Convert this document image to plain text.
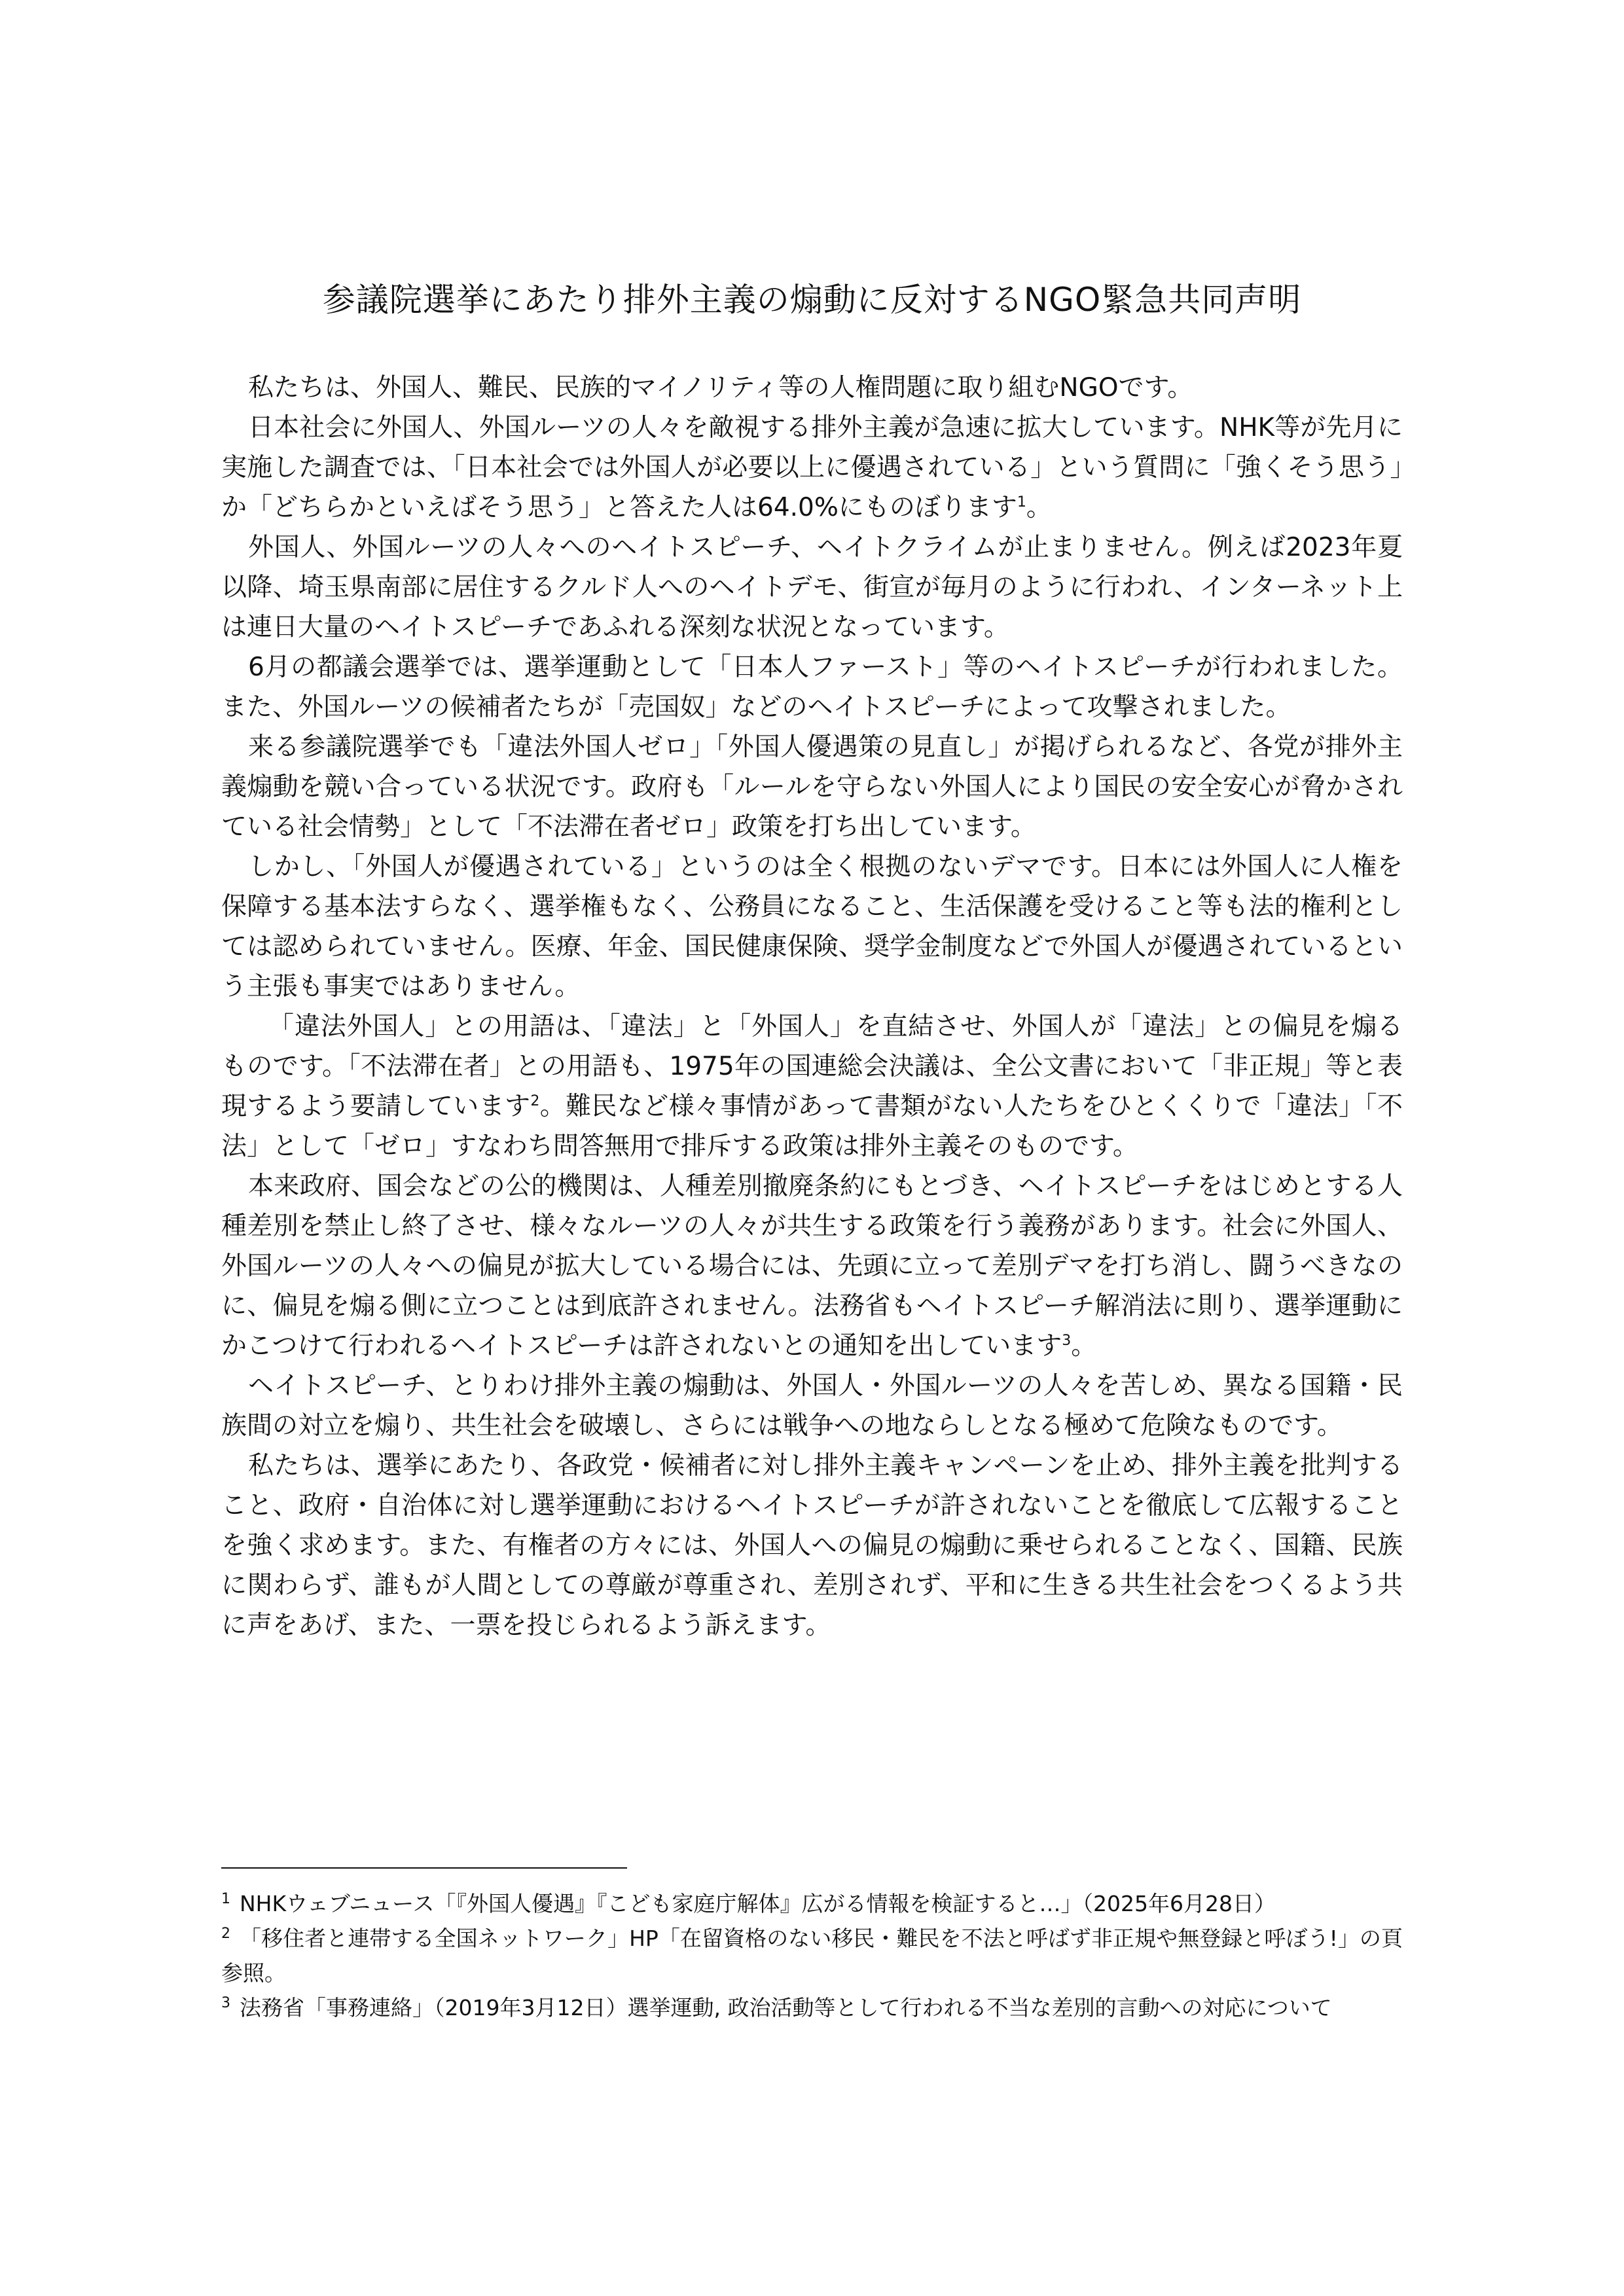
参議院選挙にあたり排外主義の煽動に反対するNGO緊急共同声明

私たちは、外国人、難民、民族的マイノリティ等の人権問題に取り組むNGOです。

日本社会に外国人、外国ルーツの人々を敵視する排外主義が急速に拡大しています。NHK等が先月に実施した調査では、「日本社会では外国人が必要以上に優遇されている」という質問に「強くそう思う」か「どちらかといえばそう思う」と答えた人は64.0%にものぼります$^1$。

外国人、外国ルーツの人々へのヘイトスピーチ、ヘイトクライムが止まりません。例えば2023年夏以降、埼玉県南部に居住するクルド人へのヘイトデモ、街宣が毎月のように行われ、インターネット上は連日大量のヘイトスピーチであふれる深刻な状況となっています。

6月の都議会選挙では、選挙運動として「日本人ファースト」等のヘイトスピーチが行われました。また、外国ルーツの候補者たちが「売国奴」などのヘイトスピーチによって攻撃されました。

来る参議院選挙でも「違法外国人ゼロ」「外国人優遇策の見直し」が掲げられるなど、各党が排外主義煽動を競い合っている状況です。政府も「ルールを守らない外国人により国民の安全安心が脅かされている社会情勢」として「不法滞在者ゼロ」政策を打ち出しています。

しかし、「外国人が優遇されている」というのは全く根拠のないデマです。日本には外国人に人権を保障する基本法すらなく、選挙権もなく、公務員になること、生活保護を受けること等も法的権利としては認められていません。医療、年金、国民健康保険、奨学金制度などで外国人が優遇されているという主張も事実ではありません。

「違法外国人」との用語は、「違法」と「外国人」を直結させ、外国人が「違法」との偏見を煽るものです。「不法滞在者」との用語も、1975年の国連総会決議は、全公文書において「非正規」等と表現するよう要請しています$^2$。難民など様々事情があって書類がない人たちをひとくくりで「違法」「不法」として「ゼロ」すなわち問答無用で排斥する政策は排外主義そのものです。

本来政府、国会などの公的機関は、人種差別撤廃条約にもとづき、ヘイトスピーチをはじめとする人種差別を禁止し終了させ、様々なルーツの人々が共生する政策を行う義務があります。社会に外国人、外国ルーツの人々への偏見が拡大している場合には、先頭に立って差別デマを打ち消し、闘うべきなのに、偏見を煽る側に立つことは到底許されません。法務省もヘイトスピーチ解消法に則り、選挙運動にかこつけて行われるヘイトスピーチは許されないとの通知を出しています$^3$。

ヘイトスピーチ、とりわけ排外主義の煽動は、外国人・外国ルーツの人々を苦しめ、異なる国籍・民族間の対立を煽り、共生社会を破壊し、さらには戦争への地ならしとなる極めて危険なものです。

私たちは、選挙にあたり、各政党・候補者に対し排外主義キャンペーンを止め、排外主義を批判すること、政府・自治体に対し選挙運動におけるヘイトスピーチが許されないことを徹底して広報することを強く求めます。また、有権者の方々には、外国人への偏見の煽動に乗せられることなく、国籍、民族に関わらず、誰もが人間としての尊厳が尊重され、差別されず、平和に生きる共生社会をつくるよう共に声をあげ、また、一票を投じられるよう訴えます。

$^1$ NHKウェブニュース「『外国人優遇』『こども家庭庁解体』広がる情報を検証すると…」（2025年6月28日）

$^2$ 「移住者と連帯する全国ネットワーク」HP「在留資格のない移民・難民を不法と呼ばず非正規や無登録と呼ぼう!」の頁参照。

$^3$ 法務省「事務連絡」（2019年3月12日）選挙運動, 政治活動等として行われる不当な差別的言動への対応について
